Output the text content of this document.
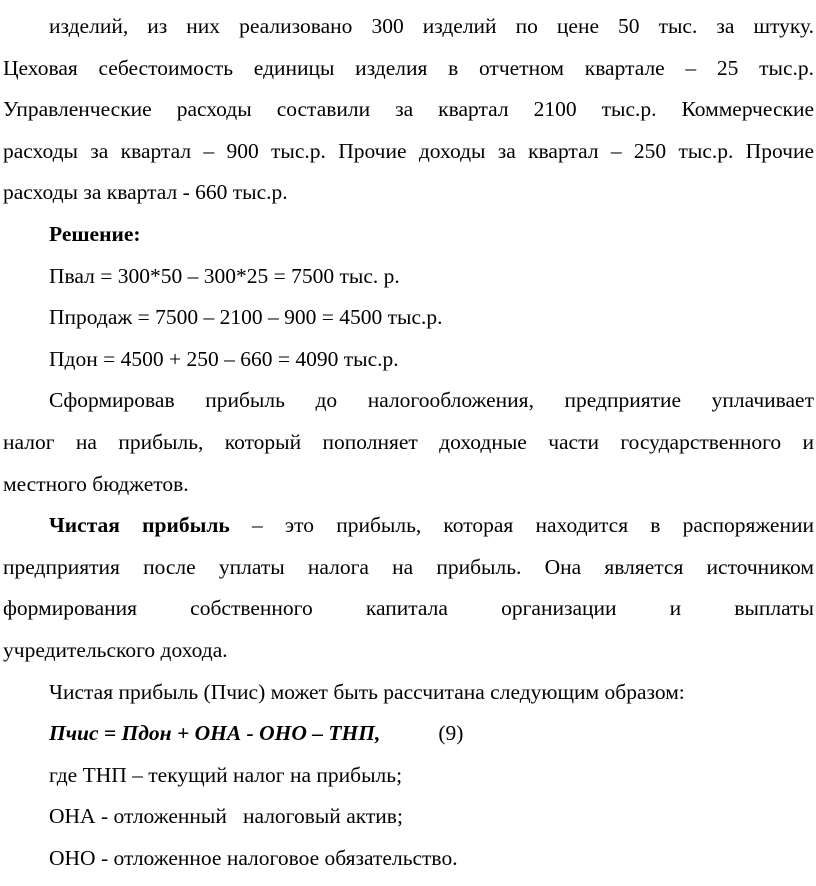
изделий, из них реализовано 300 изделий по цене 50 тыс. за штуку.
Цеховая себестоимость единицы изделия в отчетном квартале – 25 тыс.р.
Управленческие расходы составили за квартал 2100 тыс.р. Коммерческие
расходы за квартал – 900 тыс.р. Прочие доходы за квартал – 250 тыс.р. Прочие
расходы за квартал - 660 тыс.р.
Решение:
Пвал = 300*50 – 300*25 = 7500 тыс. р.
Ппродаж = 7500 – 2100 – 900 = 4500 тыс.р.
Пдон = 4500 + 250 – 660 = 4090 тыс.р.
Сформировав прибыль до налогообложения, предприятие уплачивает
налог на прибыль, который пополняет доходные части государственного и
местного бюджетов.
Чистая прибыль – это прибыль, которая находится в распоряжении
предприятия после уплаты налога на прибыль. Она является источником
формирования собственного капитала организации и выплаты
учредительского дохода.
Чистая прибыль (Пчис) может быть рассчитана следующим образом:
Пчис = Пдон + ОНА - ОНО – ТНП,	(9)
где ТНП – текущий налог на прибыль;
ОНА - отложенный   налоговый актив;
ОНО - отложенное налоговое обязательство.
